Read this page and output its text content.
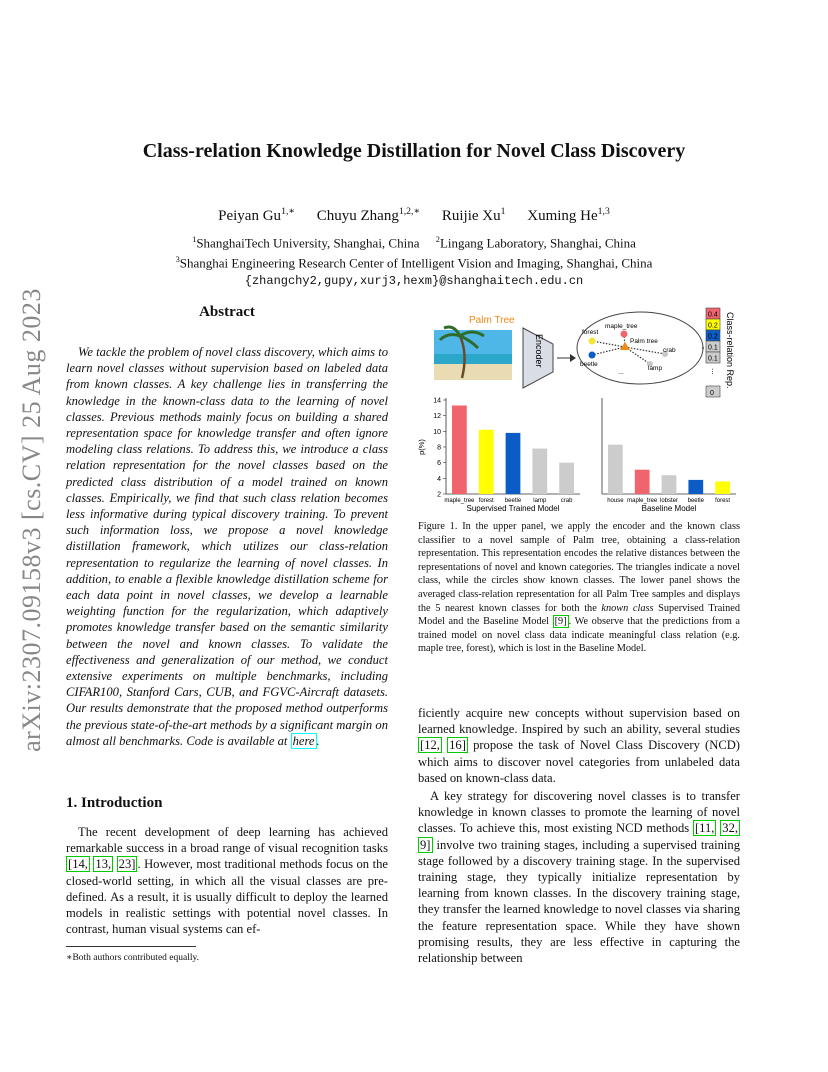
arXiv:2307.09158v3 [cs.CV] 25 Aug 2023
Class-relation Knowledge Distillation for Novel Class Discovery
Peiyan $Gu^{1,∗}$ Chuyu Zhang$^{1,2,∗}$ Ruijie Xu$^1$ Xuming He$^{1,3}$
$^1$ShanghaiTech University, Shanghai, China $^2$Lingang Laboratory, Shanghai, China
$^3$Shanghai Engineering Research Center of Intelligent Vision and Imaging, Shanghai, China
{zhangchy2,gupy,xurj3,hexm}@shanghaitech.edu.cn
Abstract

We tackle the problem of novel class discovery, which aims to learn novel classes without supervision based on labeled data from known classes. A key challenge lies in transferring the knowledge in the known-class data to the learning of novel classes. Previous methods mainly focus on building a shared representation space for knowledge transfer and often ignore modeling class relations. To address this, we introduce a class relation representation for the novel classes based on the predicted class distribution of a model trained on known classes. Empirically, we find that such class relation becomes less informative during typical discovery training. To prevent such information loss, we propose a novel knowledge distillation framework, which utilizes our class-relation representation to regularize the learning of novel classes. In addition, to enable a flexible knowledge distillation scheme for each data point in novel classes, we develop a learnable weighting function for the regularization, which adaptively promotes knowledge transfer based on the semantic similarity between the novel and known classes. To validate the effectiveness and generalization of our method, we conduct extensive experiments on multiple benchmarks, including CIFAR100, Stanford Cars, CUB, and FGVC-Aircraft datasets. Our results demonstrate that the proposed method outperforms the previous state-of-the-art methods by a significant margin on almost all benchmarks. Code is available at here .

1. Introduction

The recent development of deep learning has achieved remarkable success in a broad range of visual recognition tasks [14, 13, 23] . However, most traditional methods focus on the closed-world setting, in which all the visual classes are pre-defined. As a result, it is usually difficult to deploy the learned models in realistic settings with potential novel classes. In contrast, human visual systems can ef-

∗Both authors contributed equally.
Palm Tree
Encoder
maple_tree
forest
Palm tree
crab
beetle
lamp
...
0.4
0.2
0.2
0.1
0.1
0
... Class-relation Rep.
2
4
6
8
10
12
14
p(%)
maple_tree forest beetle lamp crab
Supervised Trained Model
house maple_tree lobster beetle forest
Baseline Model
Figure 1. In the upper panel, we apply the encoder and the known class classifier to a novel sample of Palm tree, obtaining a class-relation representation. This representation encodes the relative distances between the representations of novel and known categories. The triangles indicate a novel class, while the circles show known classes. The lower panel shows the averaged class-relation representation for all Palm Tree samples and displays the 5 nearest known classes for both the known class Supervised Trained Model and the Baseline Model [9] . We observe that the predictions from a trained model on novel class data indicate meaningful class relation (e.g. maple tree, forest), which is lost in the Baseline Model.

ficiently acquire new concepts without supervision based on learned knowledge. Inspired by such an ability, several studies [12, 16] propose the task of Novel Class Discovery (NCD) which aims to discover novel categories from unlabeled data based on known-class data.

A key strategy for discovering novel classes is to transfer knowledge in known classes to promote the learning of novel classes. To achieve this, most existing NCD methods [11, 32, 9] involve two training stages, including a supervised training stage followed by a discovery training stage. In the supervised training stage, they typically initialize representation by learning from known classes. In the discovery training stage, they transfer the learned knowledge to novel classes via sharing the feature representation space. While they have shown promising results, they are less effective in capturing the relationship between
